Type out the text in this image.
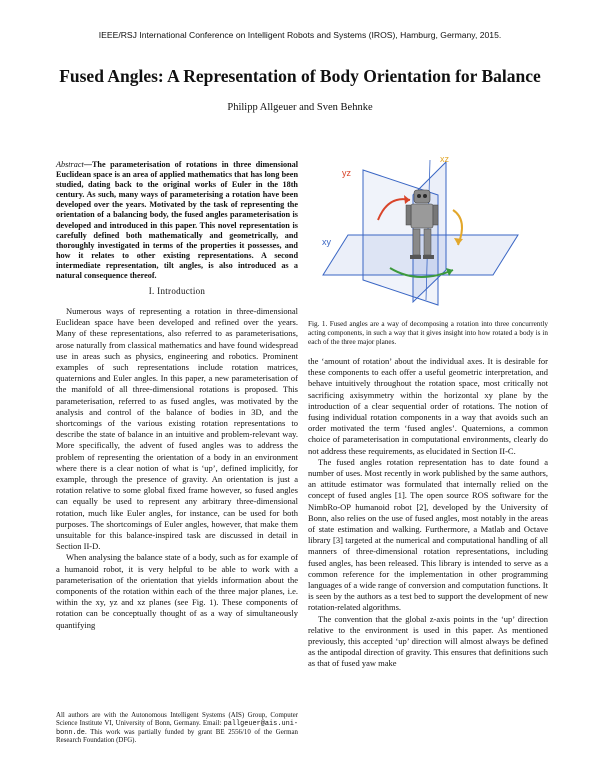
IEEE/RSJ International Conference on Intelligent Robots and Systems (IROS), Hamburg, Germany, 2015.
Fused Angles: A Representation of Body Orientation for Balance
Philipp Allgeuer and Sven Behnke
Abstract—The parameterisation of rotations in three dimensional Euclidean space is an area of applied mathematics that has long been studied, dating back to the original works of Euler in the 18th century. As such, many ways of parameterising a rotation have been developed over the years. Motivated by the task of representing the orientation of a balancing body, the fused angles parameterisation is developed and introduced in this paper. This novel representation is carefully defined both mathematically and geometrically, and thoroughly investigated in terms of the properties it possesses, and how it relates to other existing representations. A second intermediate representation, tilt angles, is also introduced as a natural consequence thereof.
I. Introduction

Numerous ways of representing a rotation in three-dimensional Euclidean space have been developed and refined over the years. Many of these representations, also referred to as parameterisations, arose naturally from classical mathematics and have found widespread use in areas such as physics, engineering and robotics. Prominent examples of such representations include rotation matrices, quaternions and Euler angles. In this paper, a new parameterisation of the manifold of all three-dimensional rotations is proposed. This parameterisation, referred to as fused angles, was motivated by the analysis and control of the balance of bodies in 3D, and the shortcomings of the various existing rotation representations to describe the state of balance in an intuitive and problem-relevant way. More specifically, the advent of fused angles was to address the problem of representing the orientation of a body in an environment where there is a clear notion of what is ‘up’, defined implicitly, for example, through the presence of gravity. An orientation is just a rotation relative to some global fixed frame however, so fused angles can equally be used to represent any arbitrary three-dimensional rotation, much like Euler angles, for instance, can be used for both purposes. The shortcomings of Euler angles, however, that make them unsuitable for this balance-inspired task are discussed in detail in Section II-D.

When analysing the balance state of a body, such as for example of a humanoid robot, it is very helpful to be able to work with a parameterisation of the orientation that yields information about the components of the rotation within each of the three major planes, i.e. within the xy, yz and xz planes (see Fig. 1). These components of rotation can be conceptually thought of as a way of simultaneously quantifying

All authors are with the Autonomous Intelligent Systems (AIS) Group, Computer Science Institute VI, University of Bonn, Germany. Email: pallgeuer@ais.uni-bonn.de. This work was partially funded by grant BE 2556/10 of the German Research Foundation (DFG).
xz
yz
xy
Fig. 1. Fused angles are a way of decomposing a rotation into three concurrently acting components, in such a way that it gives insight into how rotated a body is in each of the three major planes.

the ‘amount of rotation’ about the individual axes. It is desirable for these components to each offer a useful geometric interpretation, and behave intuitively throughout the rotation space, most critically not sacrificing axisymmetry within the horizontal xy plane by the introduction of a clear sequential order of rotations. The notion of fusing individual rotation components in a way that avoids such an order motivated the term ‘fused angles’. Quaternions, a common choice of parameterisation in computational environments, clearly do not address these requirements, as elucidated in Section II-C.

The fused angles rotation representation has to date found a number of uses. Most recently in work published by the same authors, an attitude estimator was formulated that internally relied on the concept of fused angles [1]. The open source ROS software for the NimbRo-OP humanoid robot [2], developed by the University of Bonn, also relies on the use of fused angles, most notably in the areas of state estimation and walking. Furthermore, a Matlab and Octave library [3] targeted at the numerical and computational handling of all manners of three-dimensional rotation representations, including fused angles, has been released. This library is intended to serve as a common reference for the implementation in other programming languages of a wide range of conversion and computation functions. It is seen by the authors as a test bed to support the development of new rotation-related algorithms.

The convention that the global z-axis points in the ‘up’ direction relative to the environment is used in this paper. As mentioned previously, this accepted ‘up’ direction will almost always be defined as the antipodal direction of gravity. This ensures that definitions such as that of fused yaw make
